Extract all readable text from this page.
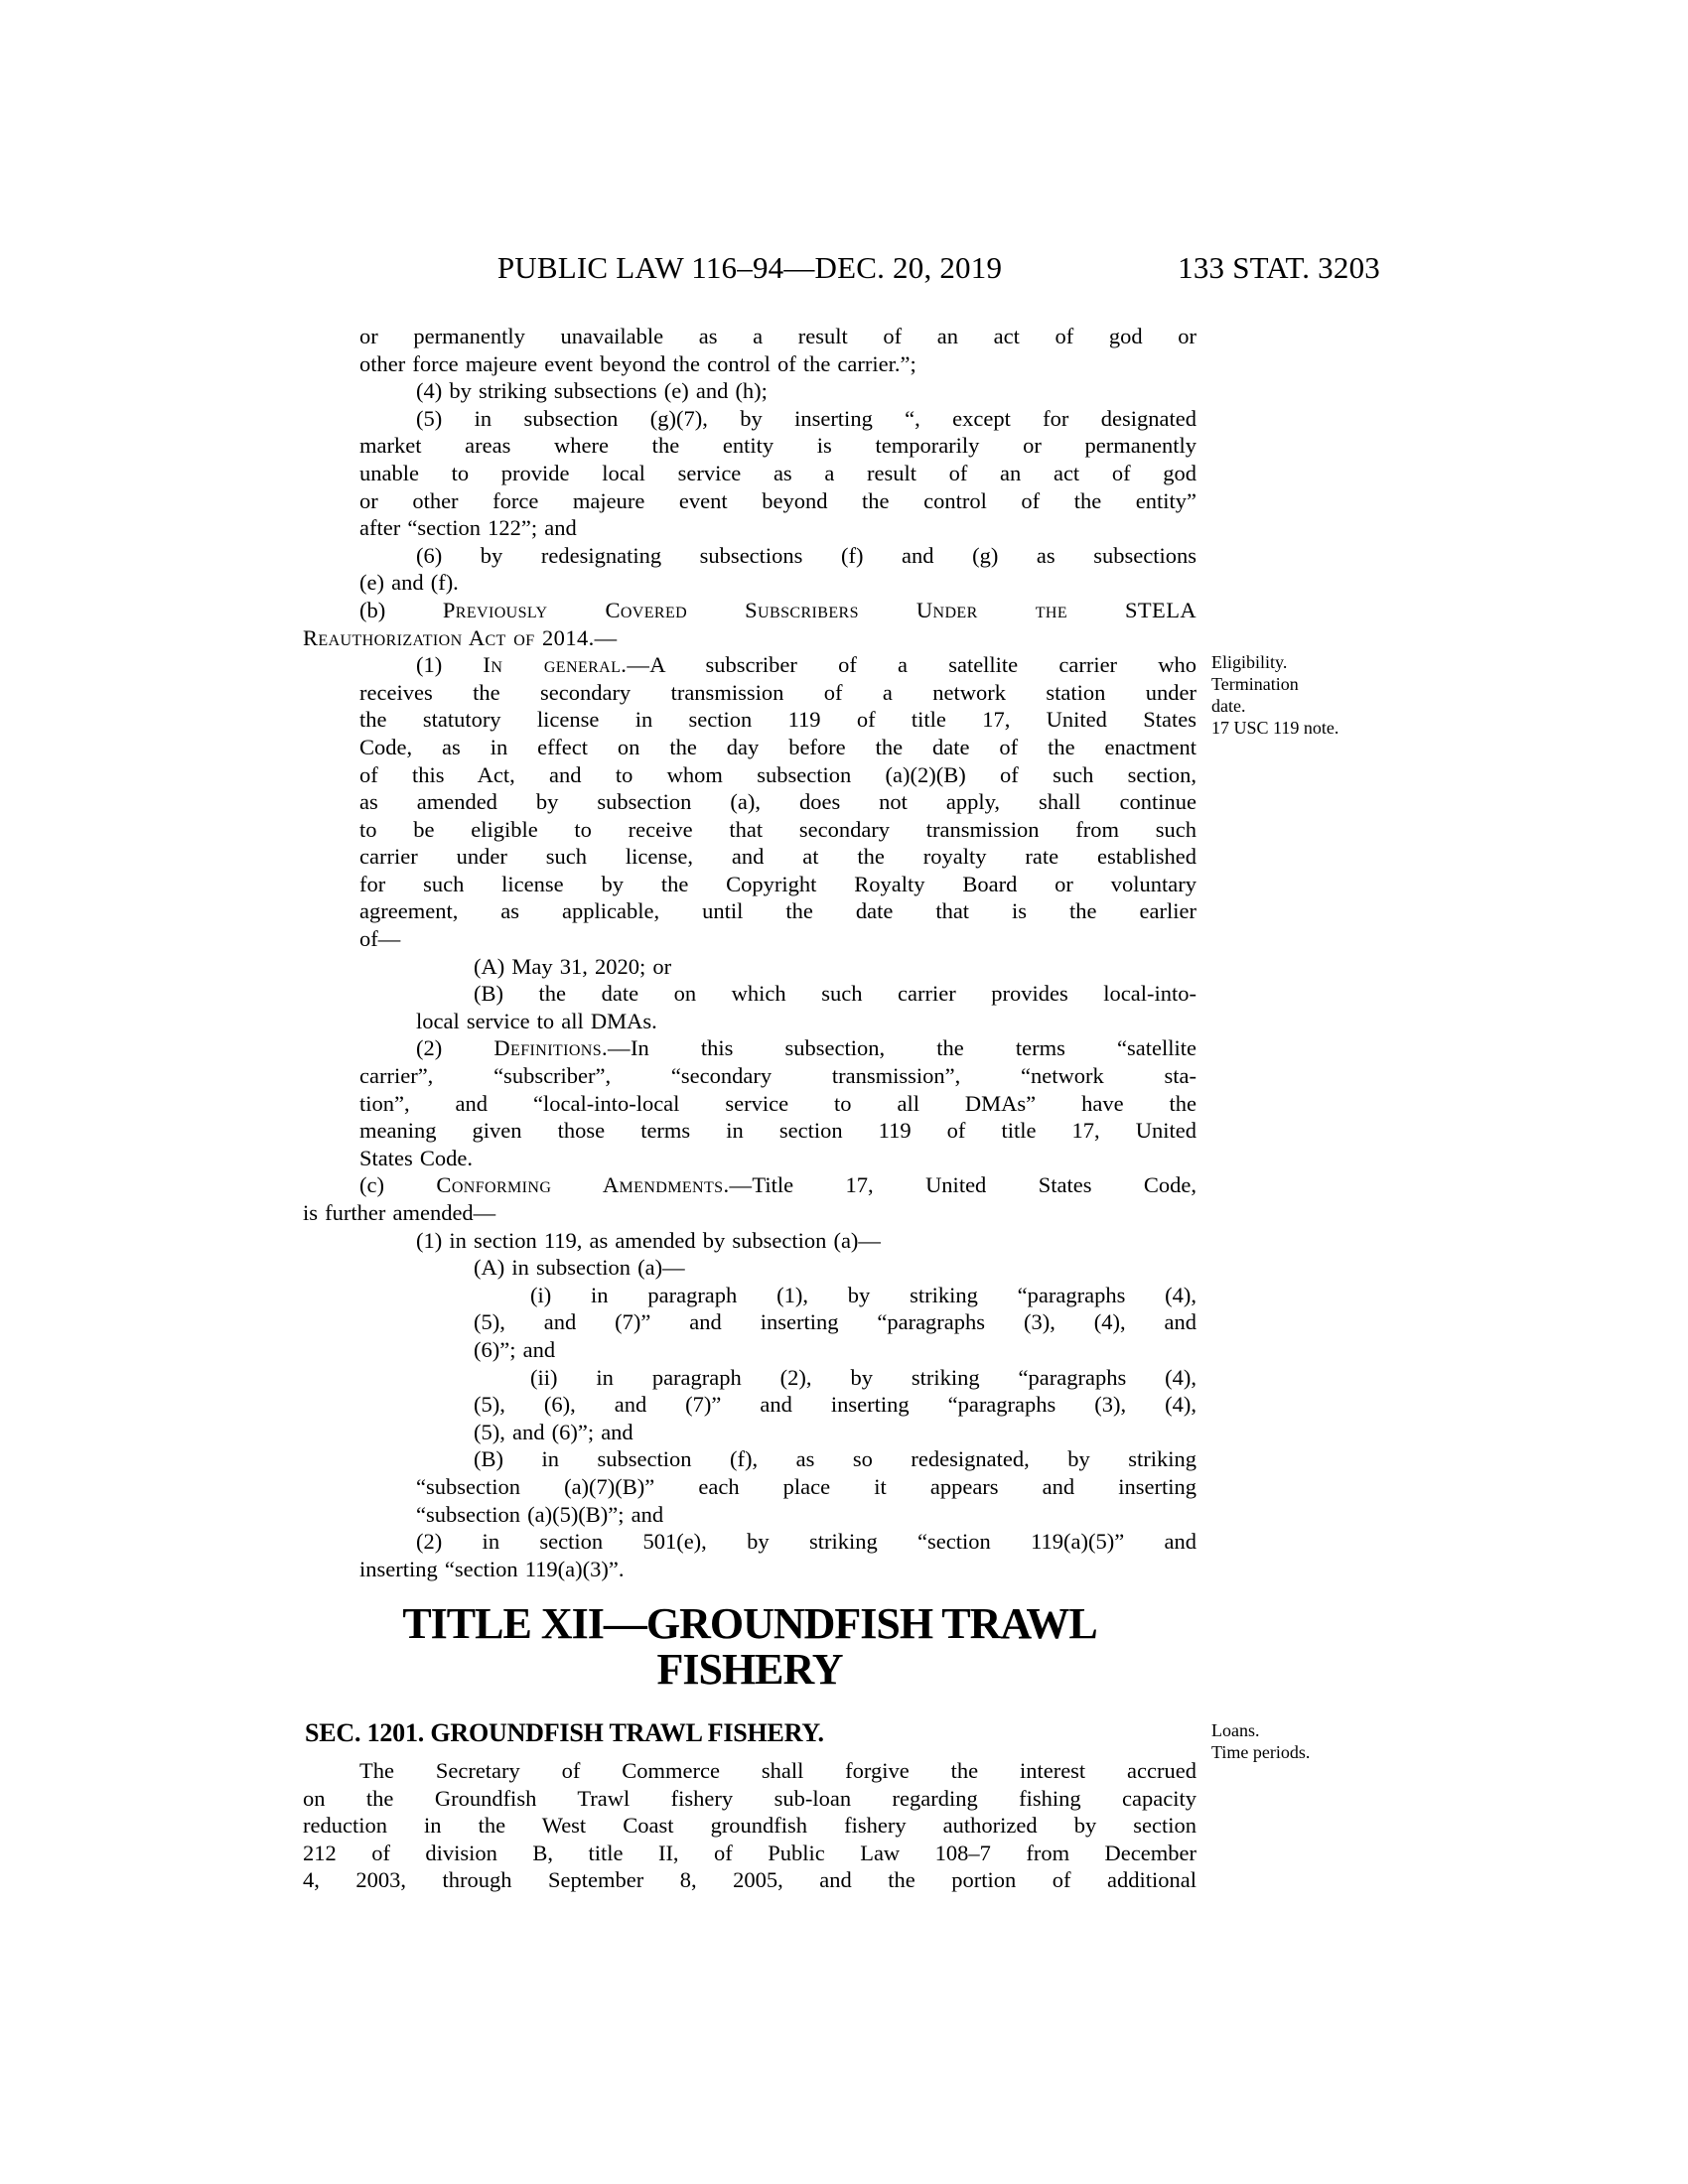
PUBLIC LAW 116–94—DEC. 20, 2019	133 STAT. 3203
or permanently unavailable as a result of an act of god or
other force majeure event beyond the control of the carrier.”;
(4) by striking subsections (e) and (h);
(5) in subsection (g)(7), by inserting “, except for designated
market areas where the entity is temporarily or permanently
unable to provide local service as a result of an act of god
or other force majeure event beyond the control of the entity”
after “section 122”; and
(6) by redesignating subsections (f) and (g) as subsections
(e) and (f).
(b) Previously Covered Subscribers Under the STELA
Reauthorization Act of 2014.—
(1) In general.—A subscriber of a satellite carrier who
receives the secondary transmission of a network station under
the statutory license in section 119 of title 17, United States
Code, as in effect on the day before the date of the enactment
of this Act, and to whom subsection (a)(2)(B) of such section,
as amended by subsection (a), does not apply, shall continue
to be eligible to receive that secondary transmission from such
carrier under such license, and at the royalty rate established
for such license by the Copyright Royalty Board or voluntary
agreement, as applicable, until the date that is the earlier
of—
(A) May 31, 2020; or
(B) the date on which such carrier provides local-into-
local service to all DMAs.
(2) Definitions.—In this subsection, the terms “satellite
carrier”, “subscriber”, “secondary transmission”, “network sta-
tion”, and “local-into-local service to all DMAs” have the
meaning given those terms in section 119 of title 17, United
States Code.
(c) Conforming Amendments.—Title 17, United States Code,
is further amended—
(1) in section 119, as amended by subsection (a)—
(A) in subsection (a)—
(i) in paragraph (1), by striking “paragraphs (4),
(5), and (7)” and inserting “paragraphs (3), (4), and
(6)”; and
(ii) in paragraph (2), by striking “paragraphs (4),
(5), (6), and (7)” and inserting “paragraphs (3), (4),
(5), and (6)”; and
(B) in subsection (f), as so redesignated, by striking
“subsection (a)(7)(B)” each place it appears and inserting
“subsection (a)(5)(B)”; and
(2) in section 501(e), by striking “section 119(a)(5)” and
inserting “section 119(a)(3)”.
TITLE XII—GROUNDFISH TRAWL
FISHERY
SEC. 1201. GROUNDFISH TRAWL FISHERY.
The Secretary of Commerce shall forgive the interest accrued
on the Groundfish Trawl fishery sub-loan regarding fishing capacity
reduction in the West Coast groundfish fishery authorized by section
212 of division B, title II, of Public Law 108–7 from December
4, 2003, through September 8, 2005, and the portion of additional
Eligibility.
Termination
date.
17 USC 119 note.
Loans.
Time periods.
